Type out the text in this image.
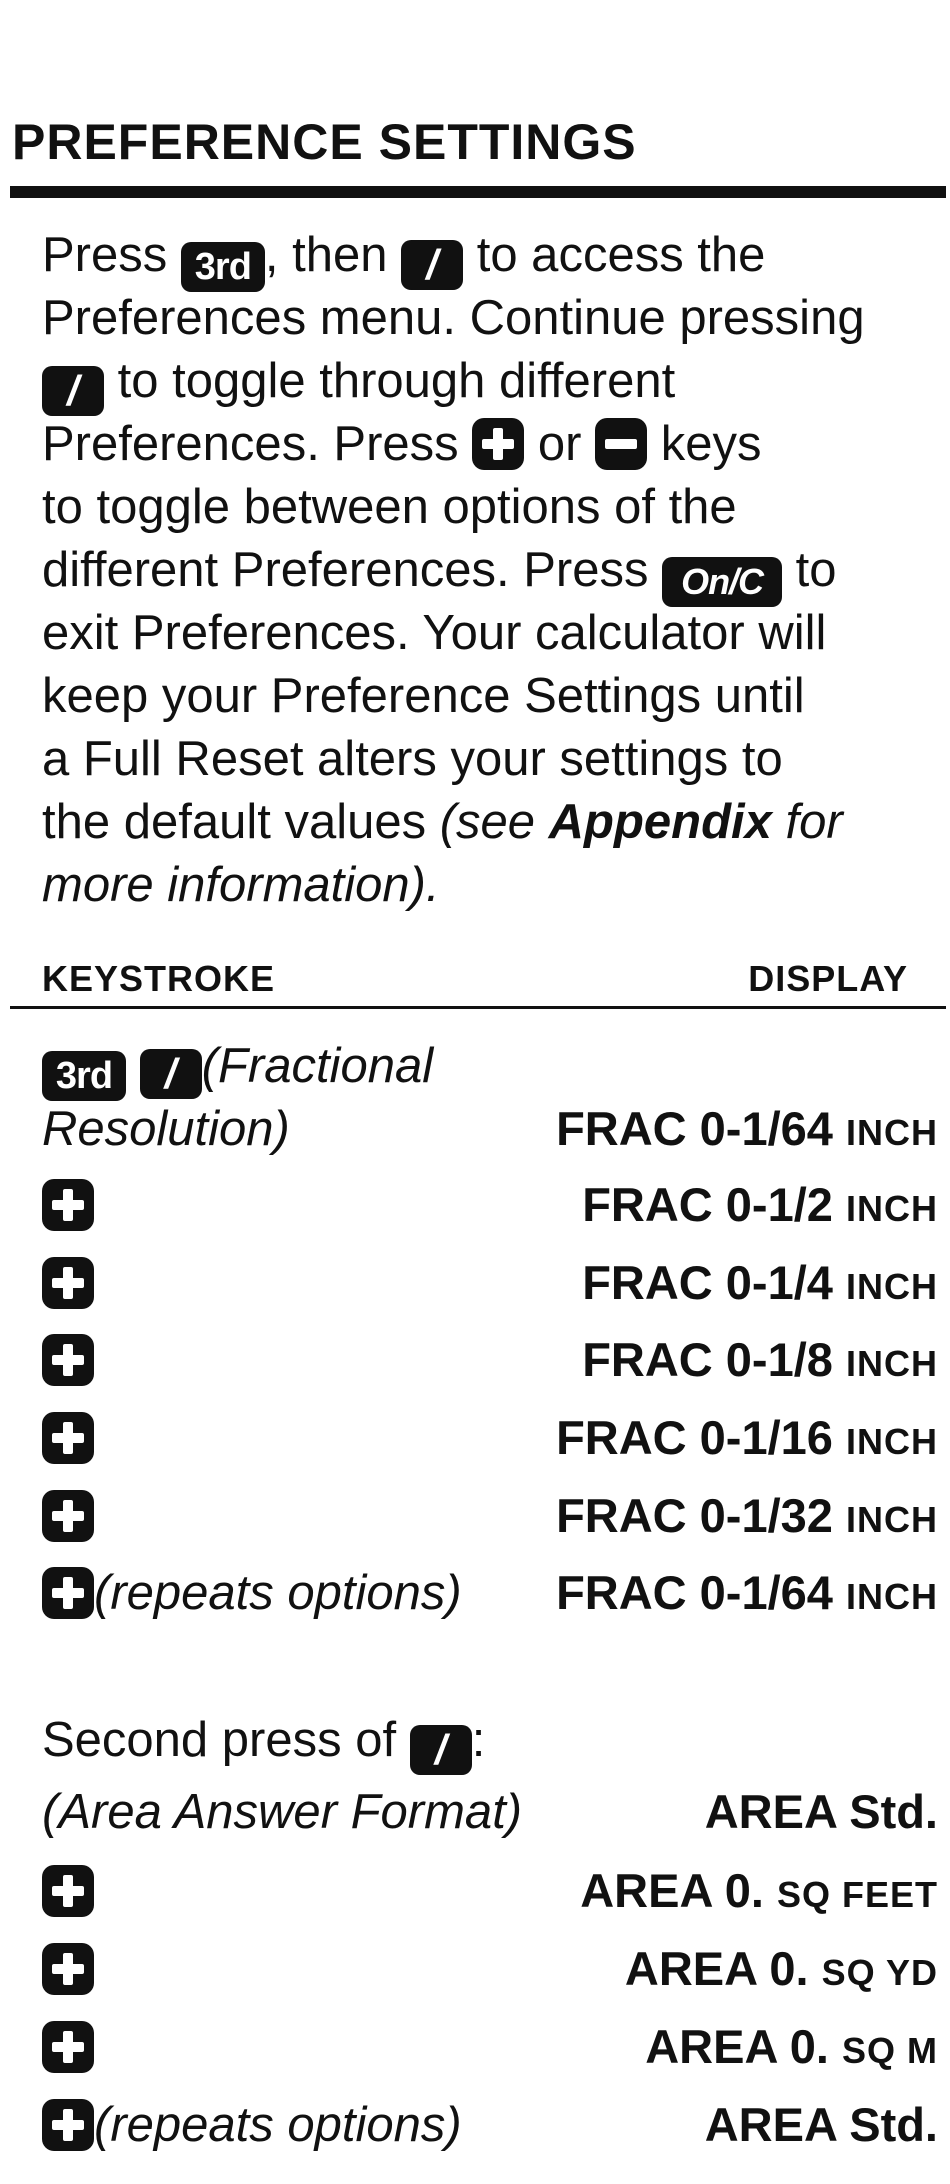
PREFERENCE SETTINGS
Press 3rd , then / to access the
Preferences menu. Continue pressing
/ to toggle through different
Preferences. Press
or
keys
to toggle between options of the
different Preferences. Press On/C to
exit Preferences. Your calculator will
keep your Preference Settings until
a Full Reset alters your settings to
the default values (see Appendix for
more information).
KEYSTROKE	DISPLAY
3rd / (Fractional
Resolution)	FRAC 0-1/64 INCH
FRAC 0-1/2 INCH
FRAC 0-1/4 INCH
FRAC 0-1/8 INCH
FRAC 0-1/16 INCH
FRAC 0-1/32 INCH
(repeats options) FRAC 0-1/64 INCH
Second press of / :
(Area Answer Format)	AREA Std.
AREA 0. SQ FEET
AREA 0. SQ YD
AREA 0. SQ M
(repeats options)	AREA Std.
